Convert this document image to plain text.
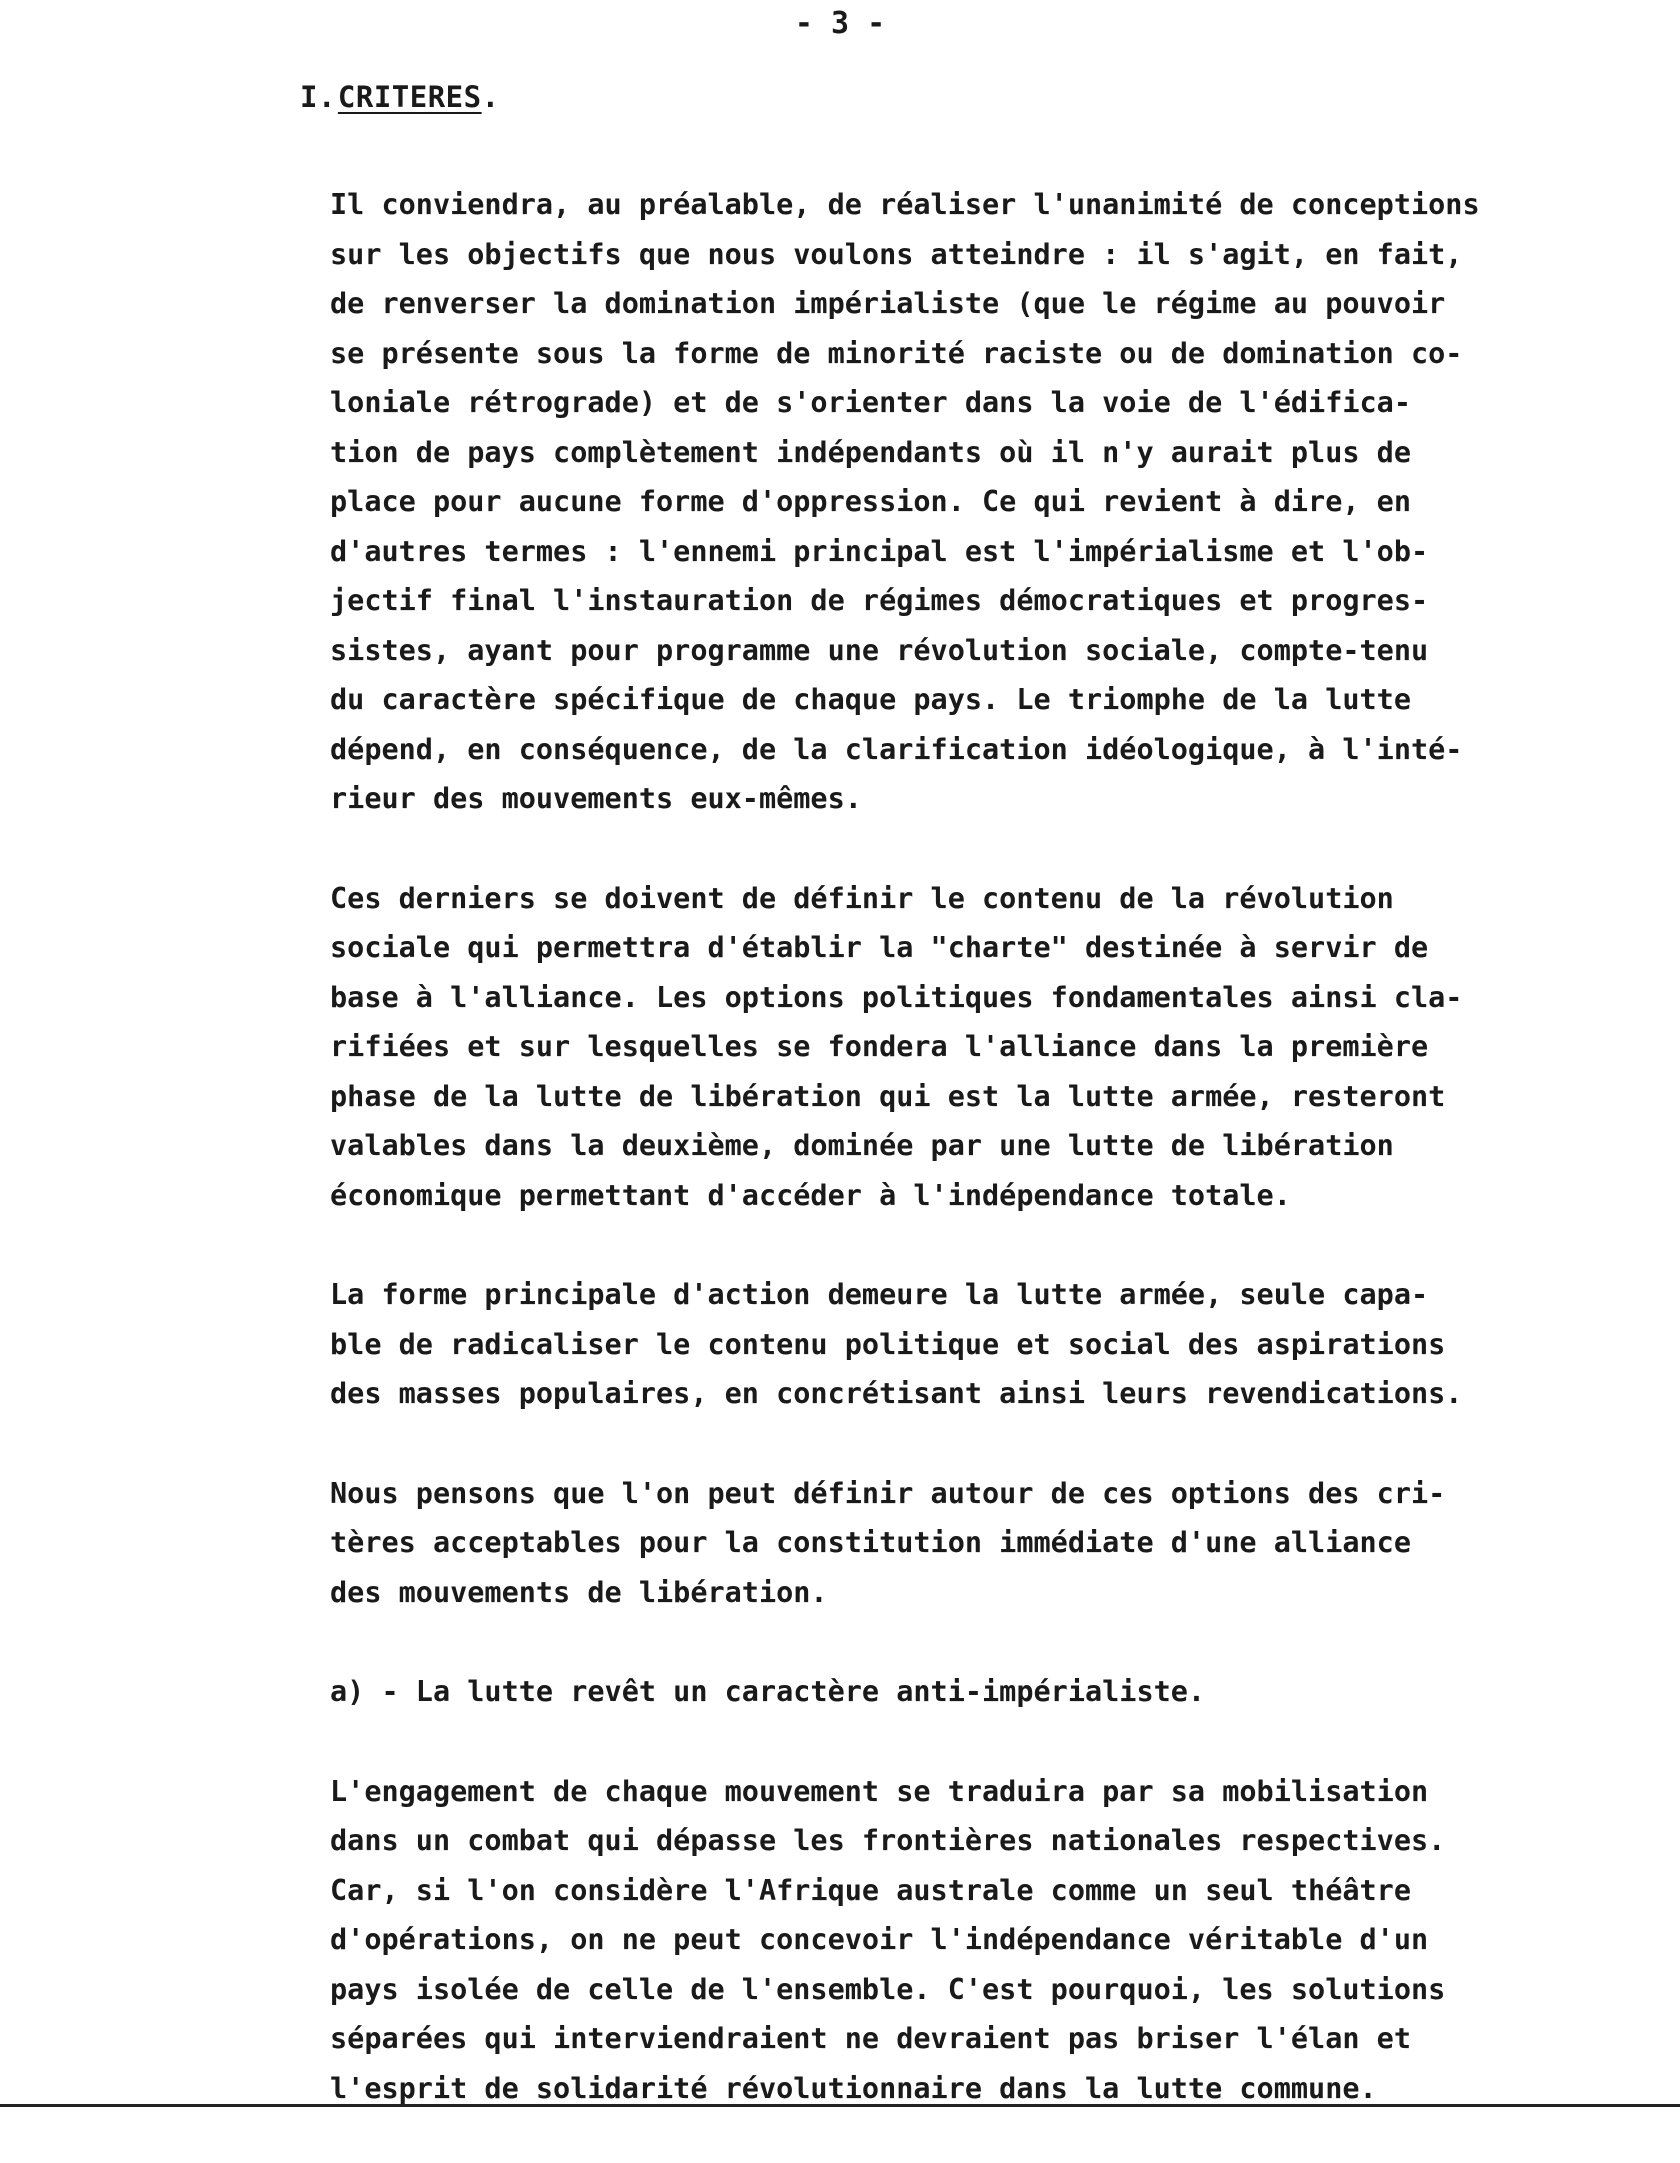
- 3 -
I.CRITERES.

Il conviendra, au préalable, de réaliser l'unanimité de conceptions
sur les objectifs que nous voulons atteindre : il s'agit, en fait,
de renverser la domination impérialiste (que le régime au pouvoir
se présente sous la forme de minorité raciste ou de domination co-
loniale rétrograde) et de s'orienter dans la voie de l'édifica-
tion de pays complètement indépendants où il n'y aurait plus de
place pour aucune forme d'oppression. Ce qui revient à dire, en
d'autres termes : l'ennemi principal est l'impérialisme et l'ob-
jectif final l'instauration de régimes démocratiques et progres-
sistes, ayant pour programme une révolution sociale, compte-tenu
du caractère spécifique de chaque pays. Le triomphe de la lutte
dépend, en conséquence, de la clarification idéologique, à l'inté-
rieur des mouvements eux-mêmes.

Ces derniers se doivent de définir le contenu de la révolution
sociale qui permettra d'établir la "charte" destinée à servir de
base à l'alliance. Les options politiques fondamentales ainsi cla-
rifiées et sur lesquelles se fondera l'alliance dans la première
phase de la lutte de libération qui est la lutte armée, resteront
valables dans la deuxième, dominée par une lutte de libération
économique permettant d'accéder à l'indépendance totale.

La forme principale d'action demeure la lutte armée, seule capa-
ble de radicaliser le contenu politique et social des aspirations
des masses populaires, en concrétisant ainsi leurs revendications.

Nous pensons que l'on peut définir autour de ces options des cri-
tères acceptables pour la constitution immédiate d'une alliance
des mouvements de libération.

a) - La lutte revêt un caractère anti-impérialiste.

L'engagement de chaque mouvement se traduira par sa mobilisation
dans un combat qui dépasse les frontières nationales respectives.
Car, si l'on considère l'Afrique australe comme un seul théâtre
d'opérations, on ne peut concevoir l'indépendance véritable d'un
pays isolée de celle de l'ensemble. C'est pourquoi, les solutions
séparées qui interviendraient ne devraient pas briser l'élan et
l'esprit de solidarité révolutionnaire dans la lutte commune.
